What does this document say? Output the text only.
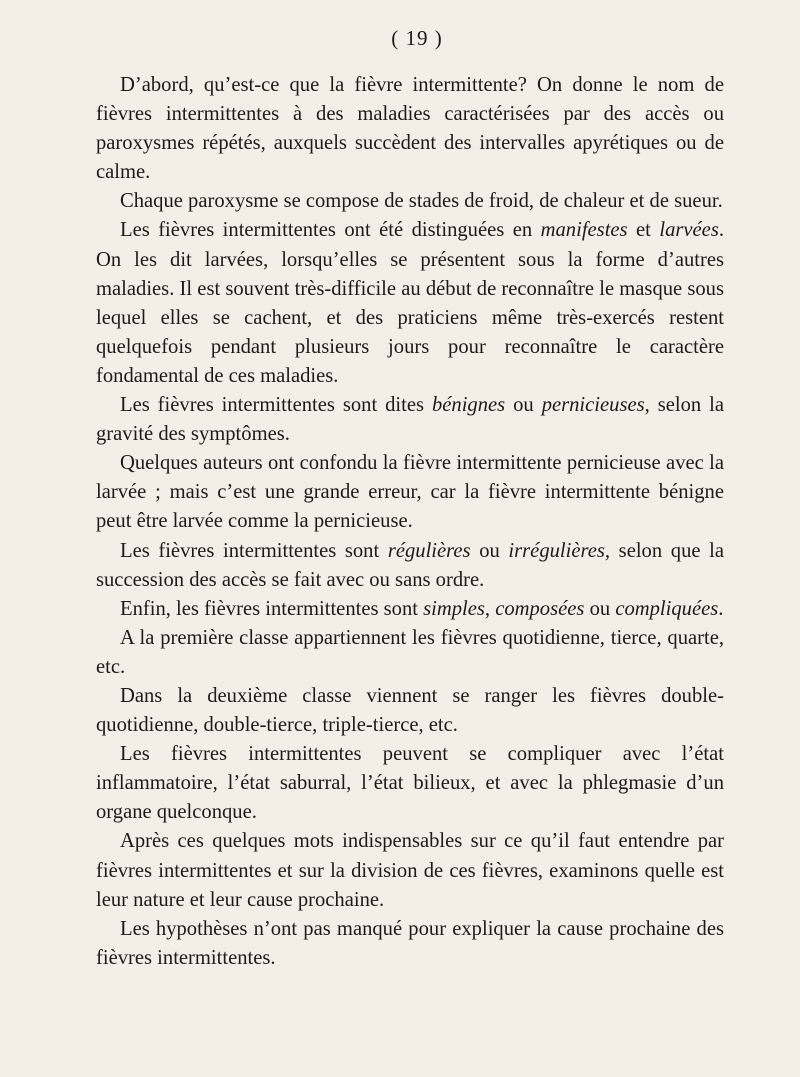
( 19 )

D’abord, qu’est-ce que la fièvre intermittente? On donne le nom de fièvres intermittentes à des maladies caractérisées par des accès ou paroxysmes répétés, auxquels succèdent des intervalles apyrétiques ou de calme.

Chaque paroxysme se compose de stades de froid, de chaleur et de sueur.

Les fièvres intermittentes ont été distinguées en manifestes et larvées. On les dit larvées, lorsqu’elles se présentent sous la forme d’autres maladies. Il est souvent très-difficile au début de reconnaître le masque sous lequel elles se cachent, et des praticiens même très-exercés restent quelquefois pendant plusieurs jours pour reconnaître le caractère fondamental de ces maladies.

Les fièvres intermittentes sont dites bénignes ou pernicieuses, selon la gravité des symptômes.

Quelques auteurs ont confondu la fièvre intermittente pernicieuse avec la larvée ; mais c’est une grande erreur, car la fièvre intermittente bénigne peut être larvée comme la pernicieuse.

Les fièvres intermittentes sont régulières ou irrégulières, selon que la succession des accès se fait avec ou sans ordre.

Enfin, les fièvres intermittentes sont simples, composées ou compliquées.

A la première classe appartiennent les fièvres quotidienne, tierce, quarte, etc.

Dans la deuxième classe viennent se ranger les fièvres double-quotidienne, double-tierce, triple-tierce, etc.

Les fièvres intermittentes peuvent se compliquer avec l’état inflammatoire, l’état saburral, l’état bilieux, et avec la phlegmasie d’un organe quelconque.

Après ces quelques mots indispensables sur ce qu’il faut entendre par fièvres intermittentes et sur la division de ces fièvres, examinons quelle est leur nature et leur cause prochaine.

Les hypothèses n’ont pas manqué pour expliquer la cause prochaine des fièvres intermittentes.
